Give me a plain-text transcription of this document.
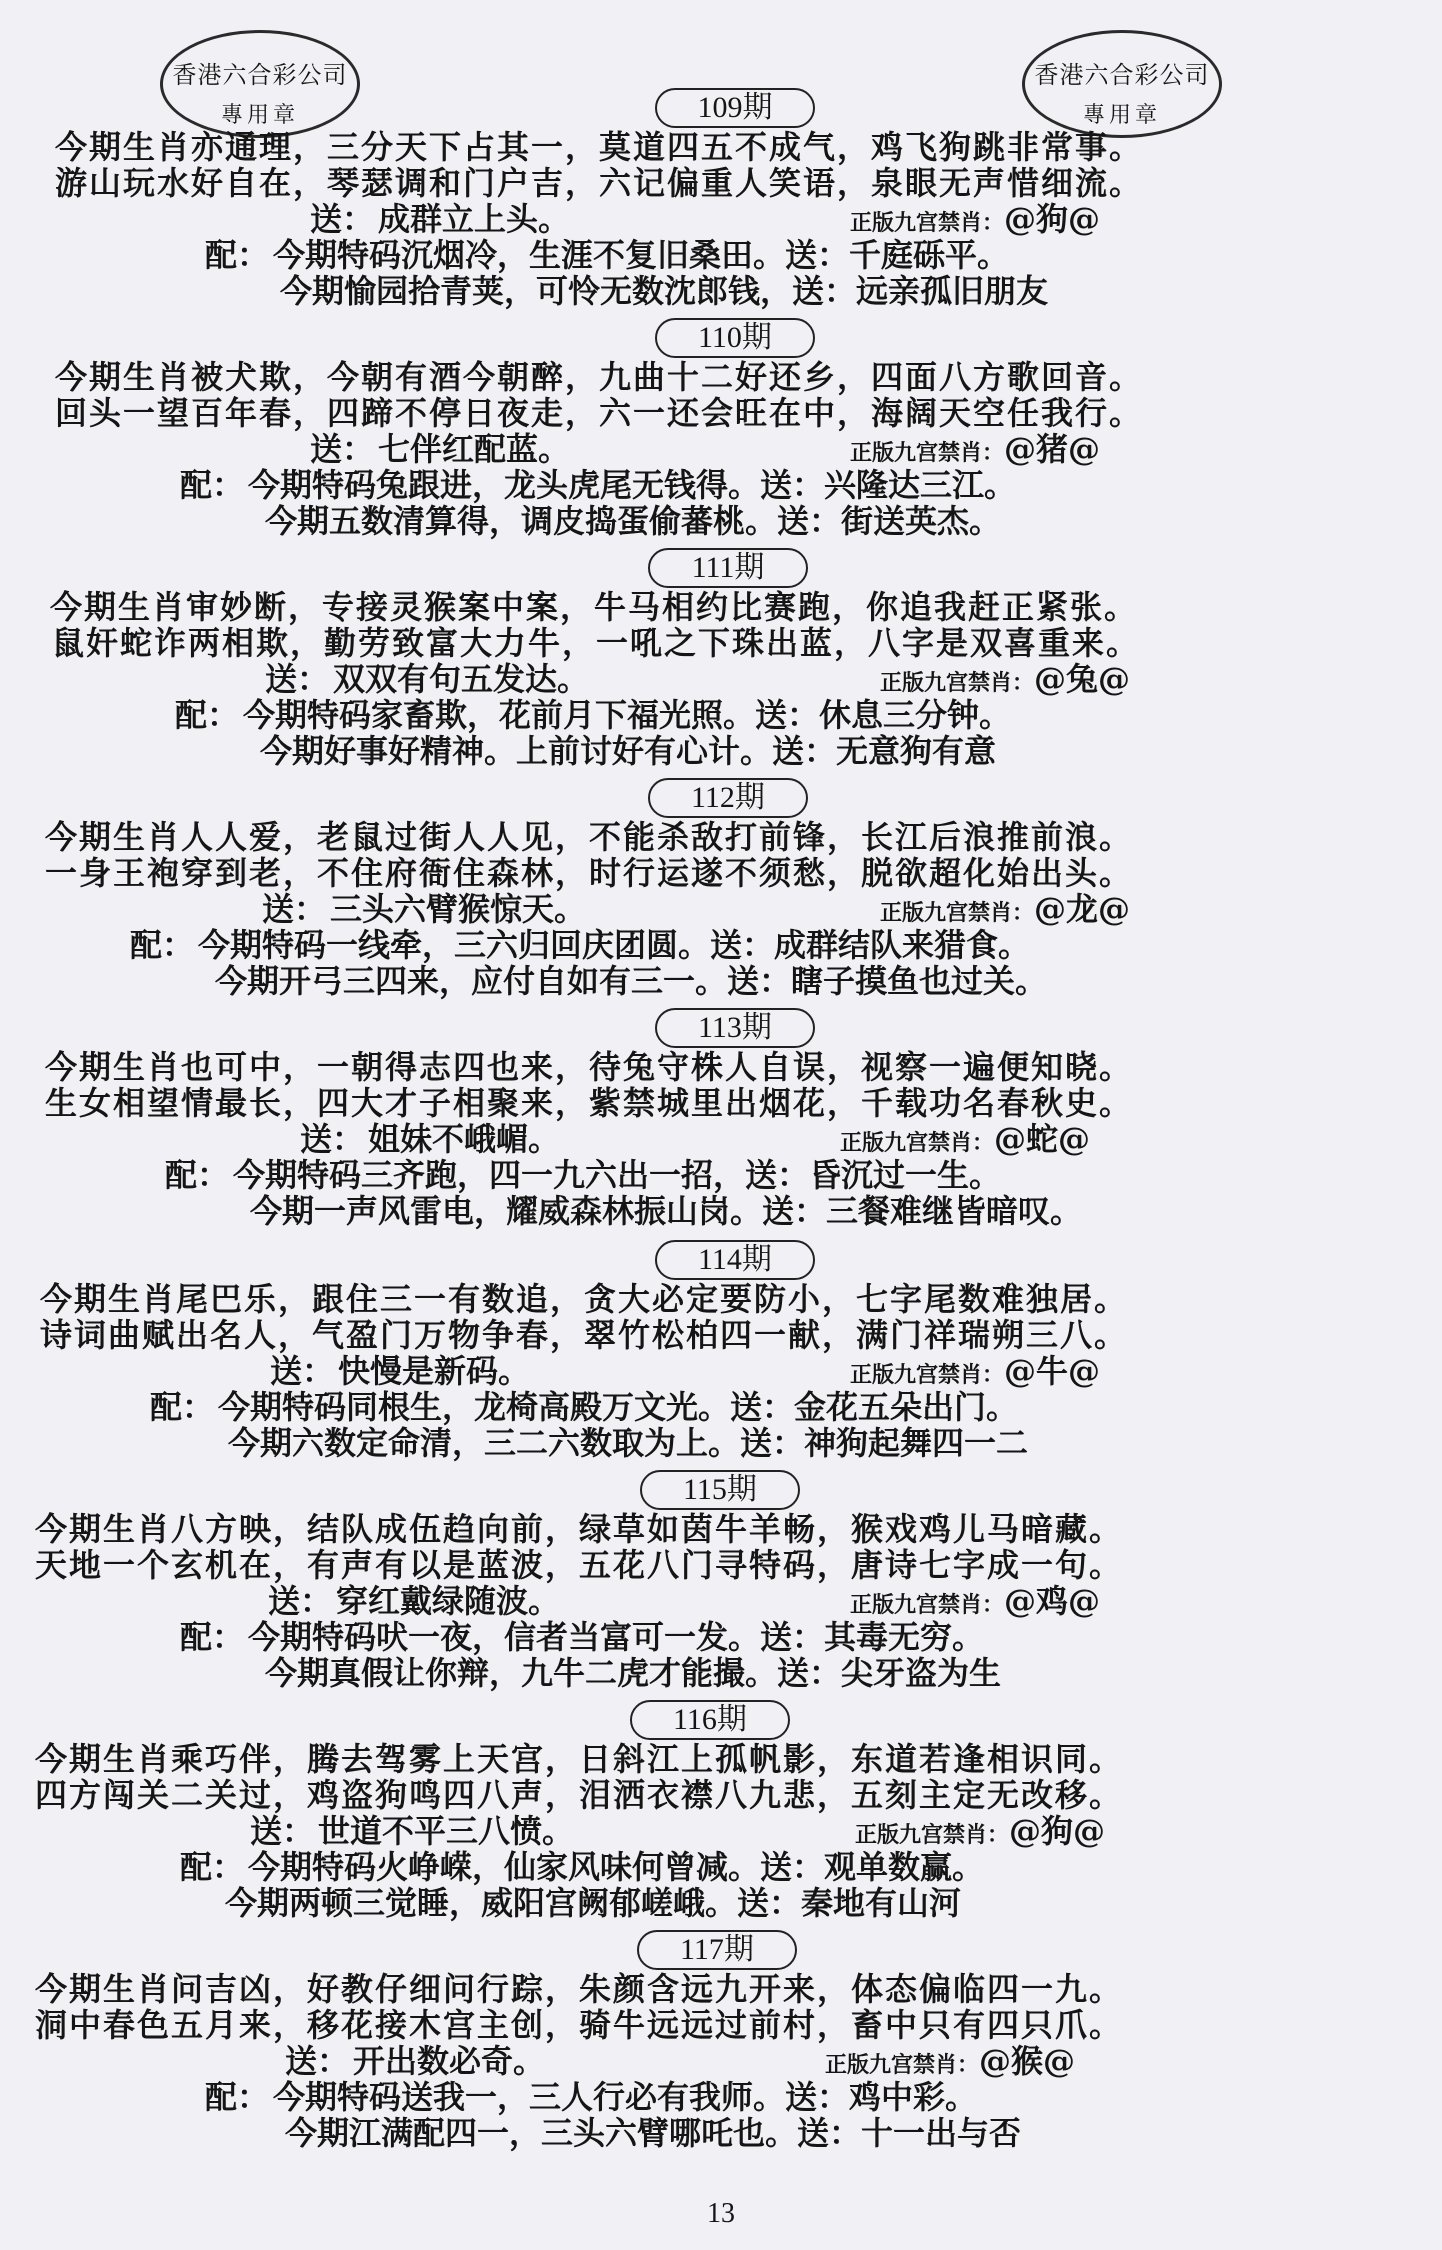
香港六合彩公司
專用章
香港六合彩公司
專用章
109期
今期生肖亦通理，三分天下占其一，莫道四五不成气，鸡飞狗跳非常事。
游山玩水好自在，琴瑟调和门户吉，六记偏重人笑语，泉眼无声惜细流。
送： 成群立上头。	正版九宫禁肖：@狗@
配： 今期特码沉烟冷，生涯不复旧桑田。送：千庭砾平。
今期愉园拾青荚，可怜无数沈郎钱，送：远亲孤旧朋友
110期
今期生肖被犬欺，今朝有酒今朝醉，九曲十二好还乡，四面八方歌回音。
回头一望百年春，四蹄不停日夜走，六一还会旺在中，海阔天空任我行。
送： 七伴红配蓝。	正版九宫禁肖：@猪@
配： 今期特码兔跟进，龙头虎尾无钱得。送：兴隆达三江。
今期五数清算得，调皮捣蛋偷蕃桃。送：街送英杰。
111期
今期生肖审妙断，专接灵猴案中案，牛马相约比赛跑，你追我赶正紧张。
鼠奸蛇诈两相欺，勤劳致富大力牛，一吼之下珠出蓝，八字是双喜重来。
送： 双双有句五发达。	正版九宫禁肖：@兔@
配： 今期特码家畜欺，花前月下福光照。送：休息三分钟。
今期好事好精神。上前讨好有心计。送：无意狗有意
112期
今期生肖人人爱，老鼠过街人人见，不能杀敌打前锋，长江后浪推前浪。
一身王袍穿到老，不住府衙住森林，时行运遂不须愁，脱欲超化始出头。
送： 三头六臂猴惊天。	正版九宫禁肖：@龙@
配： 今期特码一线牵，三六归回庆团圆。送：成群结队来猎食。
今期开弓三四来，应付自如有三一。送：瞎子摸鱼也过关。
113期
今期生肖也可中，一朝得志四也来，待兔守株人自误，视察一遍便知晓。
生女相望情最长，四大才子相聚来，紫禁城里出烟花，千载功名春秋史。
送： 姐妹不峨嵋。	正版九宫禁肖：@蛇@
配： 今期特码三齐跑，四一九六出一招，送：昏沉过一生。
今期一声风雷电，耀威森林振山岗。送：三餐难继皆暗叹。
114期
今期生肖尾巴乐，跟住三一有数追，贪大必定要防小，七字尾数难独居。
诗词曲赋出名人，气盈门万物争春，翠竹松柏四一献，满门祥瑞朔三八。
送： 快慢是新码。	正版九宫禁肖：@牛@
配： 今期特码同根生，龙椅高殿万文光。送：金花五朵出门。
今期六数定命清，三二六数取为上。送：神狗起舞四一二
115期
今期生肖八方映，结队成伍趋向前，绿草如茵牛羊畅，猴戏鸡儿马暗藏。
天地一个玄机在，有声有以是蓝波，五花八门寻特码，唐诗七字成一句。
送： 穿红戴绿随波。	正版九宫禁肖：@鸡@
配： 今期特码吠一夜，信者当富可一发。送：其毒无穷。
今期真假让你辩，九牛二虎才能撮。送：尖牙盗为生
116期
今期生肖乘巧伴，腾去驾雾上天宫，日斜江上孤帆影，东道若逢相识同。
四方闯关二关过，鸡盗狗鸣四八声，泪洒衣襟八九悲，五刻主定无改移。
送： 世道不平三八愤。	正版九宫禁肖：@狗@
配： 今期特码火峥嵘，仙家风味何曾减。送：观单数赢。
今期两顿三觉睡，威阳宫阙郁嵯峨。送：秦地有山河
117期
今期生肖问吉凶，好教仔细问行踪，朱颜含远九开来，体态偏临四一九。
洞中春色五月来，移花接木宫主创，骑牛远远过前村，畜中只有四只爪。
送： 开出数必奇。	正版九宫禁肖：@猴@
配： 今期特码送我一，三人行必有我师。送：鸡中彩。
今期江满配四一，三头六臂哪吒也。送：十一出与否
13
